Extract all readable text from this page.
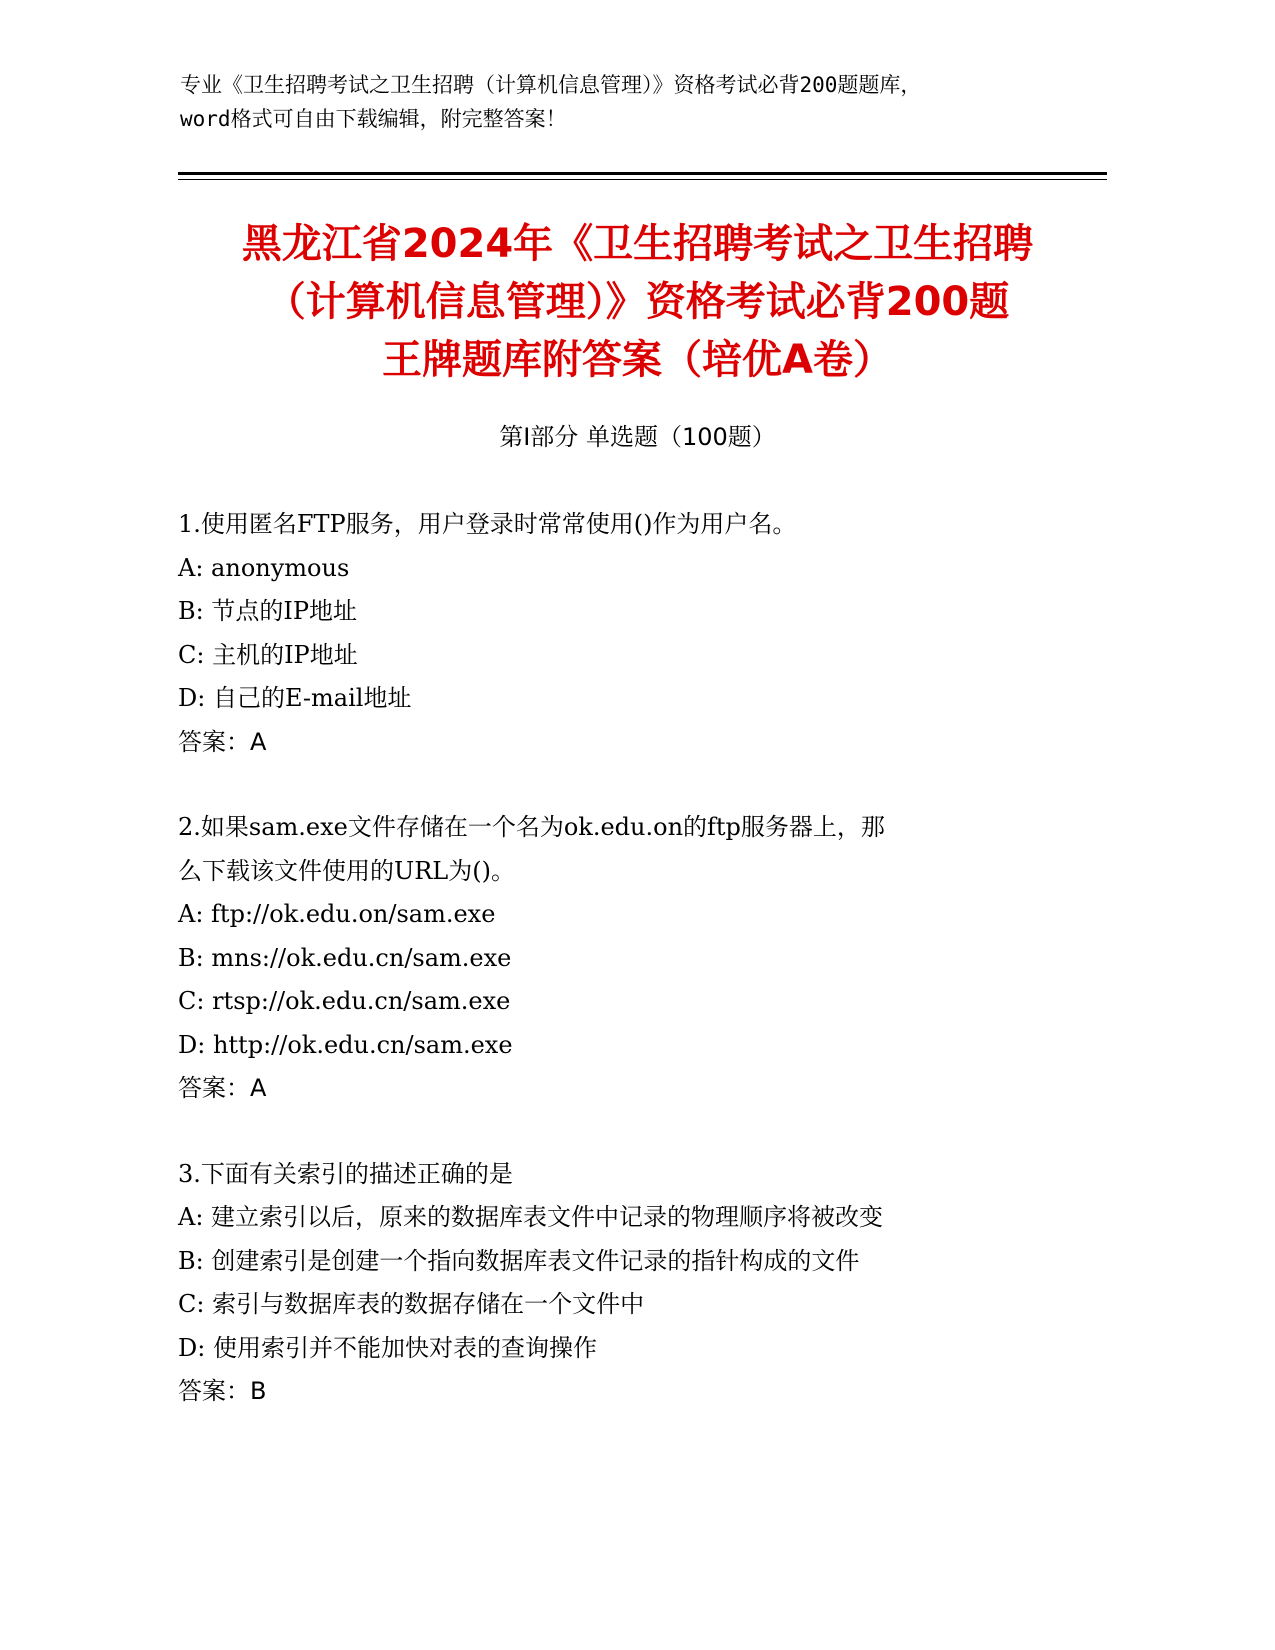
专业《卫生招聘考试之卫生招聘（计算机信息管理）》资格考试必背200题题库，
word格式可自由下载编辑，附完整答案！
黑龙江省2024年《卫生招聘考试之卫生招聘
（计算机信息管理）》资格考试必背200题
王牌题库附答案（培优A卷）
第Ⅰ部分 单选题（100题）
1.使用匿名FTP服务，用户登录时常常使用()作为用户名。
A: anonymous
B: 节点的IP地址
C: 主机的IP地址
D: 自己的E-mail地址
答案：A
2.如果sam.exe文件存储在一个名为ok.edu.on的ftp服务器上，那
么下载该文件使用的URL为()。
A: ftp://ok.edu.on/sam.exe
B: mns://ok.edu.cn/sam.exe
C: rtsp://ok.edu.cn/sam.exe
D: http://ok.edu.cn/sam.exe
答案：A
3.下面有关索引的描述正确的是
A: 建立索引以后，原来的数据库表文件中记录的物理顺序将被改变
B: 创建索引是创建一个指向数据库表文件记录的指针构成的文件
C: 索引与数据库表的数据存储在一个文件中
D: 使用索引并不能加快对表的查询操作
答案：B
